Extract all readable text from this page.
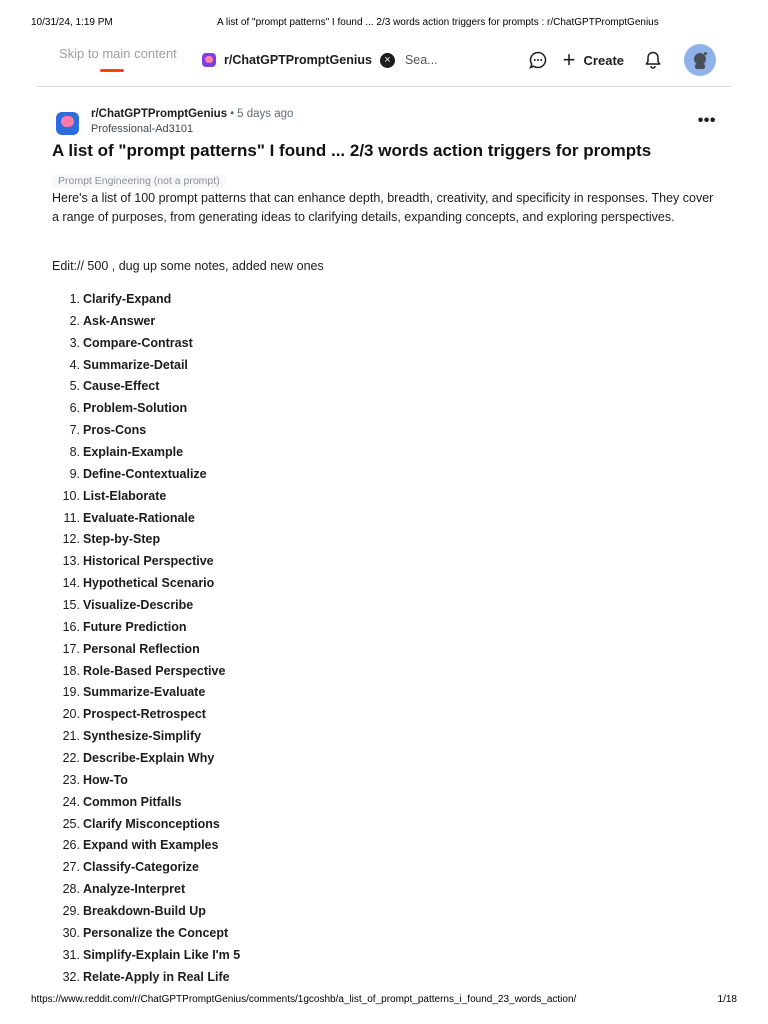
10/31/24, 1:19 PM	A list of "prompt patterns" I found ... 2/3 words action triggers for prompts : r/ChatGPTPromptGenius
Skip to main content	r/ChatGPTPromptGenius	×
Sea...	+ Create
r/ChatGPTPromptGenius • 5 days ago
Professional-Ad3101	•••
A list of "prompt patterns" I found ... 2/3 words action triggers for prompts
Prompt Engineering (not a prompt)

Here's a list of 100 prompt patterns that can enhance depth, breadth, creativity, and specificity in responses. They cover a range of purposes, from generating ideas to clarifying details, expanding concepts, and exploring perspectives.

Edit:// 500 , dug up some notes, added new ones
1. Clarify-Expand
2. Ask-Answer
3. Compare-Contrast
4. Summarize-Detail
5. Cause-Effect
6. Problem-Solution
7. Pros-Cons
8. Explain-Example
9. Define-Contextualize
10. List-Elaborate
11. Evaluate-Rationale
12. Step-by-Step
13. Historical Perspective
14. Hypothetical Scenario
15. Visualize-Describe
16. Future Prediction
17. Personal Reflection
18. Role-Based Perspective
19. Summarize-Evaluate
20. Prospect-Retrospect
21. Synthesize-Simplify
22. Describe-Explain Why
23. How-To
24. Common Pitfalls
25. Clarify Misconceptions
26. Expand with Examples
27. Classify-Categorize
28. Analyze-Interpret
29. Breakdown-Build Up
30. Personalize the Concept
31. Simplify-Explain Like I'm 5
32. Relate-Apply in Real Life
https://www.reddit.com/r/ChatGPTPromptGenius/comments/1gcoshb/a_list_of_prompt_patterns_i_found_23_words_action/	1/18
